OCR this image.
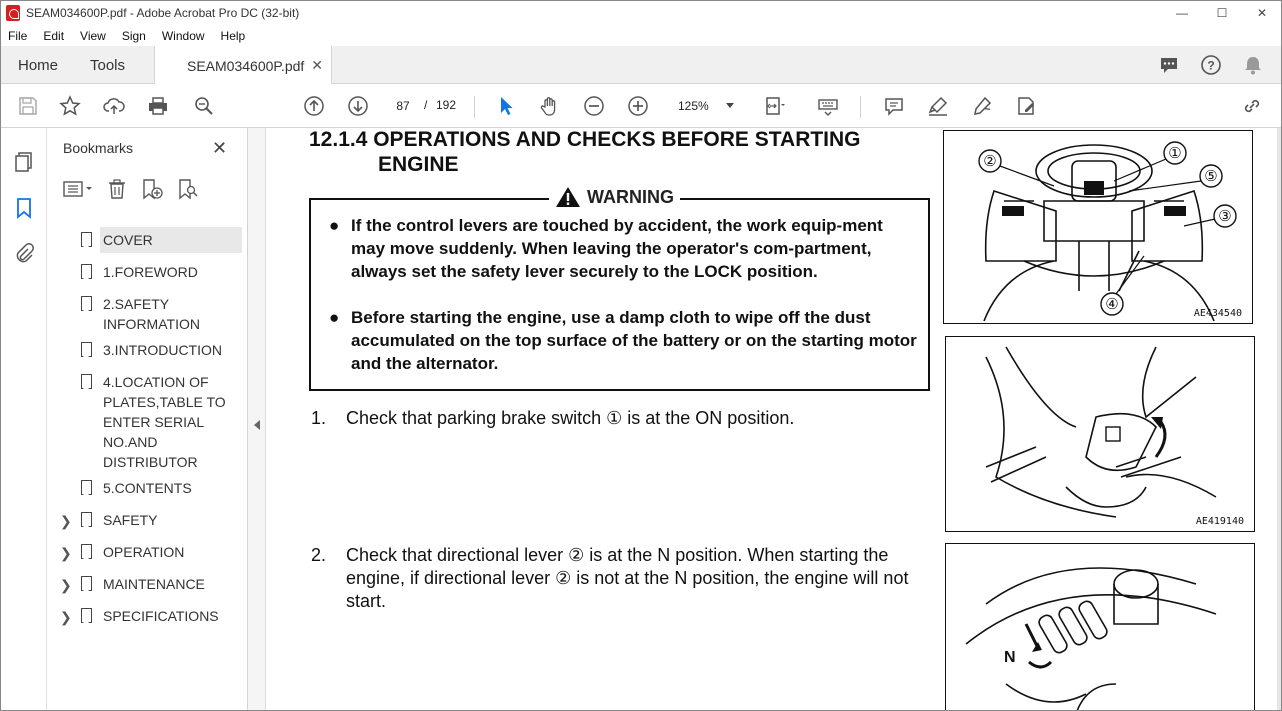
SEAM034600P.pdf - Adobe Acrobat Pro DC (32-bit)	—	☐	✕
File	Edit	View	Sign	Window	Help
Home Tools	SEAM034600P.pdf ✕	?
87	/ 192	125%
Bookmarks	✕
COVER
1.FOREWORD
2.SAFETY INFORMATION
3.INTRODUCTION
4.LOCATION OF PLATES,TABLE TO ENTER SERIAL NO.AND DISTRIBUTOR
5.CONTENTS
❯ SAFETY
❯ OPERATION
❯ MAINTENANCE
❯ SPECIFICATIONS
12.1.4 OPERATIONS AND CHECKS BEFORE STARTING
ENGINE
WARNING
● If the control levers are touched by accident, the work equip-ment may move suddenly. When leaving the operator's com-partment, always set the safety lever securely to the LOCK position.
● Before starting the engine, use a damp cloth to wipe off the dust accumulated on the top surface of the battery or on the starting motor and the alternator.
1. Check that parking brake switch ① is at the ON position.
2. Check that directional lever ② is at the N position. When starting the engine, if directional lever ② is not at the N position, the engine will not start.
②	①
⑤
③
④
AE434540
AE419140
N
